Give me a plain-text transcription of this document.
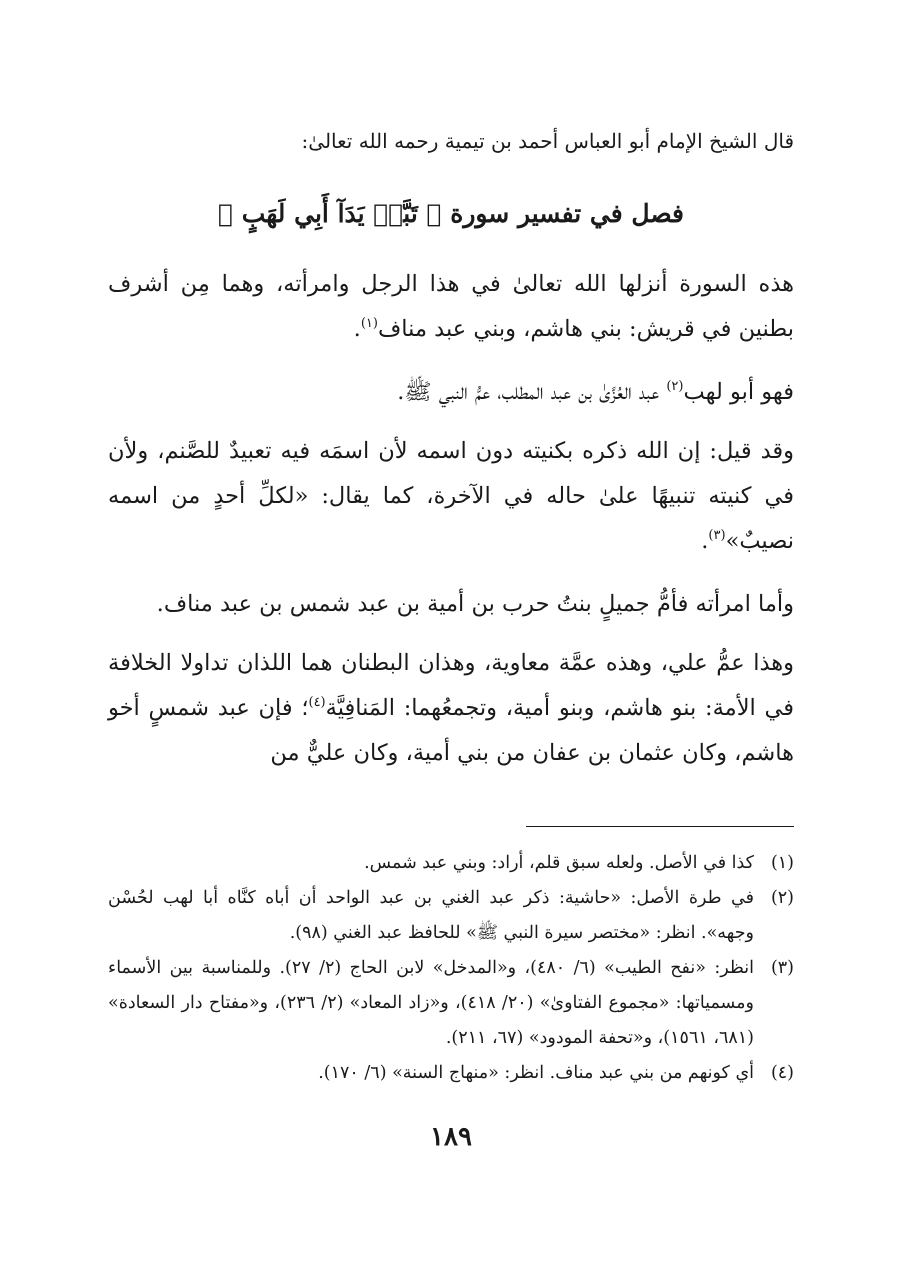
قال الشيخ الإمام أبو العباس أحمد بن تيمية رحمه الله تعالىٰ:
فصل في تفسير سورة ﴿ تَبَّتۡ يَدَآ أَبِي لَهَبٍ ﴾

هذه السورة أنزلها الله تعالىٰ في هذا الرجل وامرأته، وهما مِن أشرف بطنين في قريش: بني هاشم، وبني عبد مناف$^{(١)}$.

فهو أبو لهب$^{(٢)}$ عبد العُزَّىٰ بن عبد المطلب، عمُّ النبي ﷺ.

وقد قيل: إن الله ذكره بكنيته دون اسمه لأن اسمَه فيه تعبيدٌ للصَّنم، ولأن في كنيته تنبيهًا علىٰ حاله في الآخرة، كما يقال: «لكلِّ أحدٍ من اسمه نصيبٌ»$^{(٣)}$.

وأما امرأته فأمُّ جميلٍ بنتُ حرب بن أمية بن عبد شمس بن عبد مناف.

وهذا عمُّ علي، وهذه عمَّة معاوية، وهذان البطنان هما اللذان تداولا الخلافة في الأمة: بنو هاشم، وبنو أمية، وتجمعُهما: المَنافِيَّة$^{(٤)}$؛ فإن عبد شمسٍ أخو هاشم، وكان عثمان بن عفان من بني أمية، وكان عليٌّ من

(١)
كذا في الأصل. ولعله سبق قلم، أراد: وبني عبد شمس.
(٢)
في طرة الأصل: «حاشية: ذكر عبد الغني بن عبد الواحد أن أباه كنَّاه أبا لهب لحُسْن وجهه». انظر: «مختصر سيرة النبي ﷺ» للحافظ عبد الغني (٩٨).
(٣)
انظر: «نفح الطيب» (٦/ ٤٨٠)، و«المدخل» لابن الحاج (٢/ ٢٧). وللمناسبة بين الأسماء ومسمياتها: «مجموع الفتاوىٰ» (٢٠/ ٤١٨)، و«زاد المعاد» (٢/ ٢٣٦)، و«مفتاح دار السعادة» (٦٨١، ١٥٦١)، و«تحفة المودود» (٦٧، ٢١١).
(٤)
أي كونهم من بني عبد مناف. انظر: «منهاج السنة» (٦/ ١٧٠).
١٨٩
